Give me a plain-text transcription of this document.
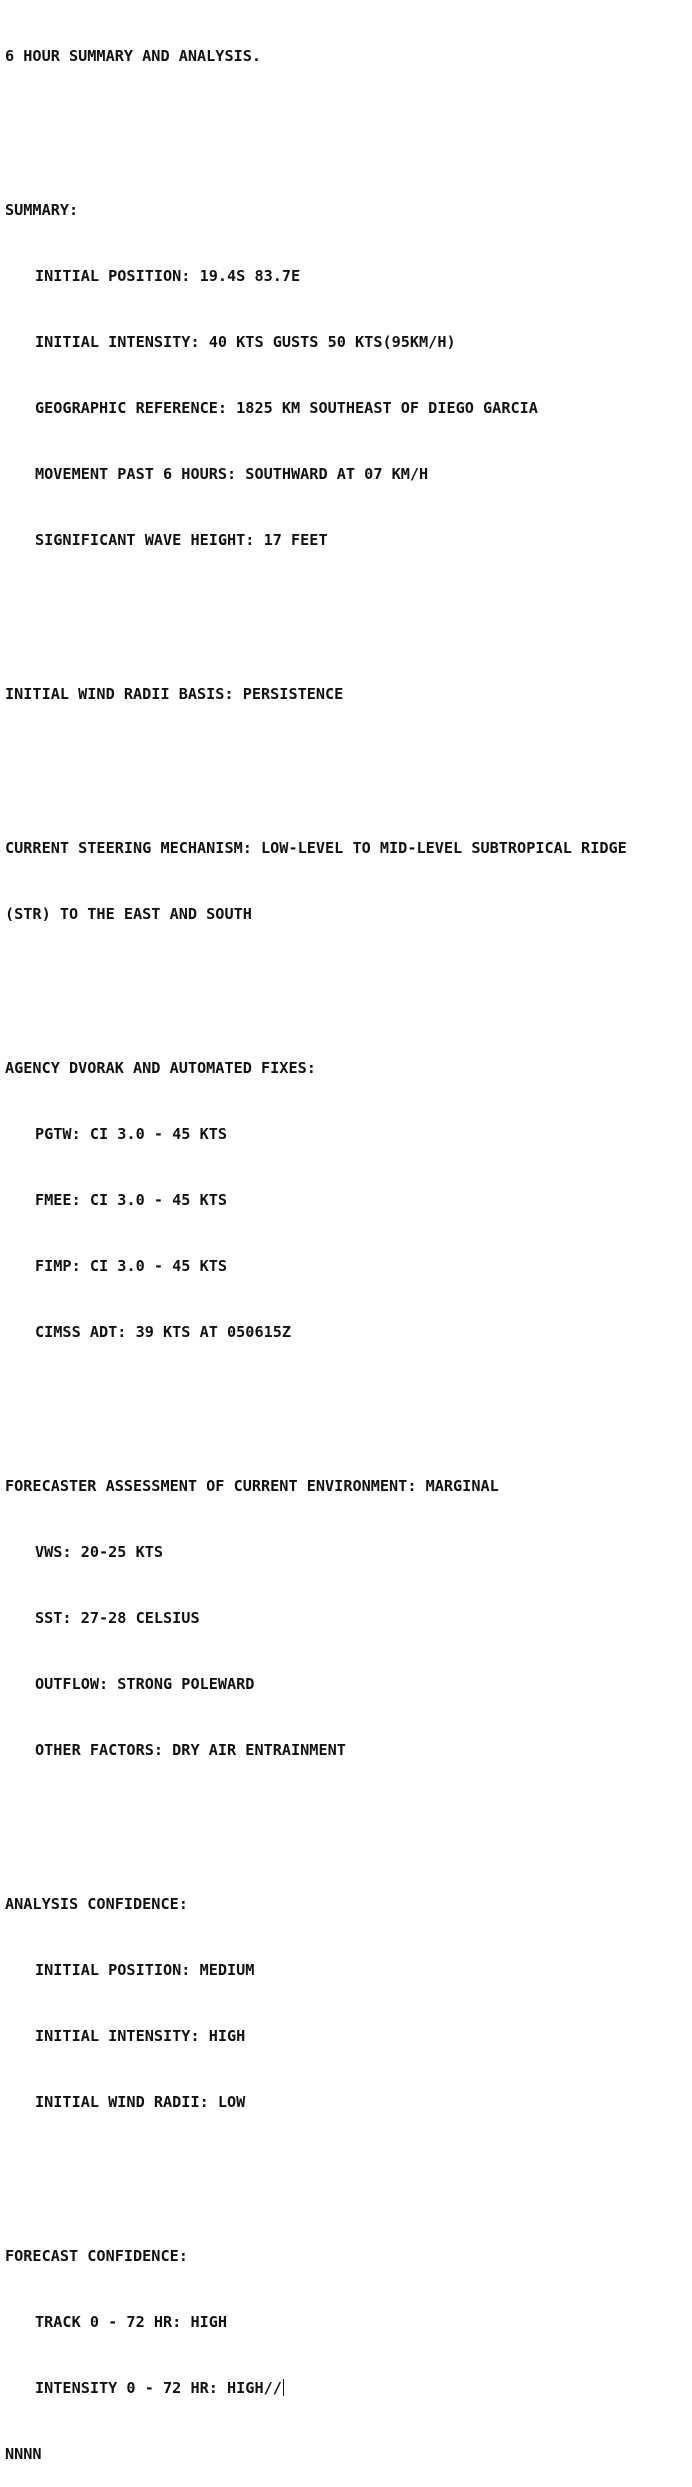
6 HOUR SUMMARY AND ANALYSIS.

SUMMARY:

INITIAL POSITION: 19.4S 83.7E

INITIAL INTENSITY: 40 KTS GUSTS 50 KTS(95KM/H)

GEOGRAPHIC REFERENCE: 1825 KM SOUTHEAST OF DIEGO GARCIA

MOVEMENT PAST 6 HOURS: SOUTHWARD AT 07 KM/H

SIGNIFICANT WAVE HEIGHT: 17 FEET

INITIAL WIND RADII BASIS: PERSISTENCE

CURRENT STEERING MECHANISM: LOW-LEVEL TO MID-LEVEL SUBTROPICAL RIDGE

(STR) TO THE EAST AND SOUTH

AGENCY DVORAK AND AUTOMATED FIXES:

PGTW: CI 3.0 - 45 KTS

FMEE: CI 3.0 - 45 KTS

FIMP: CI 3.0 - 45 KTS

CIMSS ADT: 39 KTS AT 050615Z

FORECASTER ASSESSMENT OF CURRENT ENVIRONMENT: MARGINAL

VWS: 20-25 KTS

SST: 27-28 CELSIUS

OUTFLOW: STRONG POLEWARD

OTHER FACTORS: DRY AIR ENTRAINMENT

ANALYSIS CONFIDENCE:

INITIAL POSITION: MEDIUM

INITIAL INTENSITY: HIGH

INITIAL WIND RADII: LOW

FORECAST CONFIDENCE:

TRACK 0 - 72 HR: HIGH

INTENSITY 0 - 72 HR: HIGH//

NNNN
